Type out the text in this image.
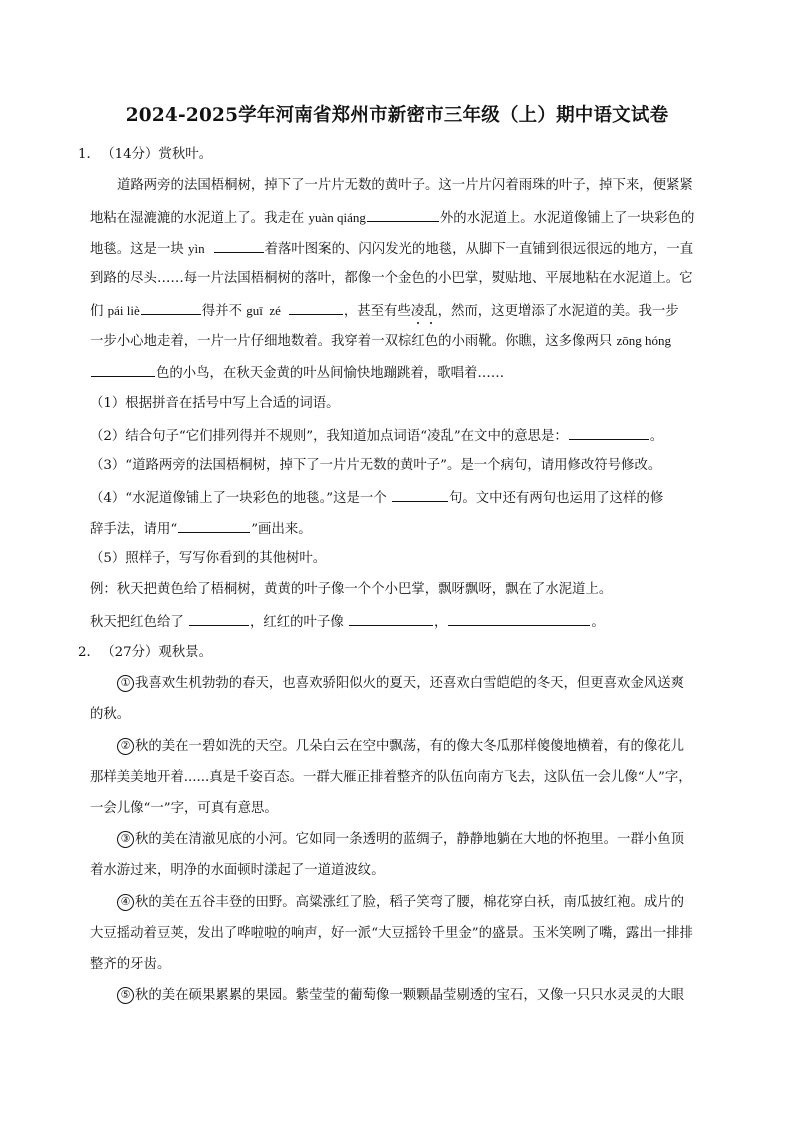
2024-2025学年河南省郑州市新密市三年级（上）期中语文试卷
1． （14分）赏秋叶。
道路两旁的法国梧桐树，掉下了一片片无数的黄叶子。这一片片闪着雨珠的叶子，掉下来，便紧紧
地粘在湿漉漉的水泥道上了。我走在 yuàn qiáng	外的水泥道上。水泥道像铺上了一块彩色的
地毯。这是一块 yìn	着落叶图案的、闪闪发光的地毯，从脚下一直铺到很远很远的地方，一直
到路的尽头……每一片法国梧桐树的落叶，都像一个金色的小巴掌，熨贴地、平展地粘在水泥道上。它
们 pái liè	得并不 guī  zé	，甚至有些凌乱，然而，这更增添了水泥道的美。我一步
一步小心地走着，一片一片仔细地数着。我穿着一双棕红色的小雨靴。你瞧，这多像两只 zōng hóng
色的小鸟，在秋天金黄的叶丛间愉快地蹦跳着，歌唱着……
（1）根据拼音在括号中写上合适的词语。
（2）结合句子“它们排列得并不规则”，我知道加点词语“凌乱”在文中的意思是：	。
（3）“道路两旁的法国梧桐树，掉下了一片片无数的黄叶子”。是一个病句，请用修改符号修改。
（4）“水泥道像铺上了一块彩色的地毯。”这是一个	句。文中还有两句也运用了这样的修
辞手法，请用“	”画出来。
（5）照样子，写写你看到的其他树叶。
例：秋天把黄色给了梧桐树，黄黄的叶子像一个个小巴掌，飘呀飘呀，飘在了水泥道上。
秋天把红色给了	，红红的叶子像	，	。
2． （27分）观秋景。
① 我喜欢生机勃勃的春天，也喜欢骄阳似火的夏天，还喜欢白雪皑皑的冬天，但更喜欢金风送爽
的秋。
② 秋的美在一碧如洗的天空。几朵白云在空中飘荡，有的像大冬瓜那样傻傻地横着，有的像花儿
那样美美地开着......真是千姿百态。一群大雁正排着整齐的队伍向南方飞去，这队伍一会儿像“人”字，
一会儿像“一”字，可真有意思。
③ 秋的美在清澈见底的小河。它如同一条透明的蓝绸子，静静地躺在大地的怀抱里。一群小鱼顶
着水游过来，明净的水面顿时漾起了一道道波纹。
④ 秋的美在五谷丰登的田野。高粱涨红了脸，稻子笑弯了腰，棉花穿白袄，南瓜披红袍。成片的
大豆摇动着豆荚，发出了哗啦啦的响声，好一派“大豆摇铃千里金”的盛景。玉米笑咧了嘴，露出一排排
整齐的牙齿。
⑤ 秋的美在硕果累累的果园。紫莹莹的葡萄像一颗颗晶莹剔透的宝石，又像一只只水灵灵的大眼
